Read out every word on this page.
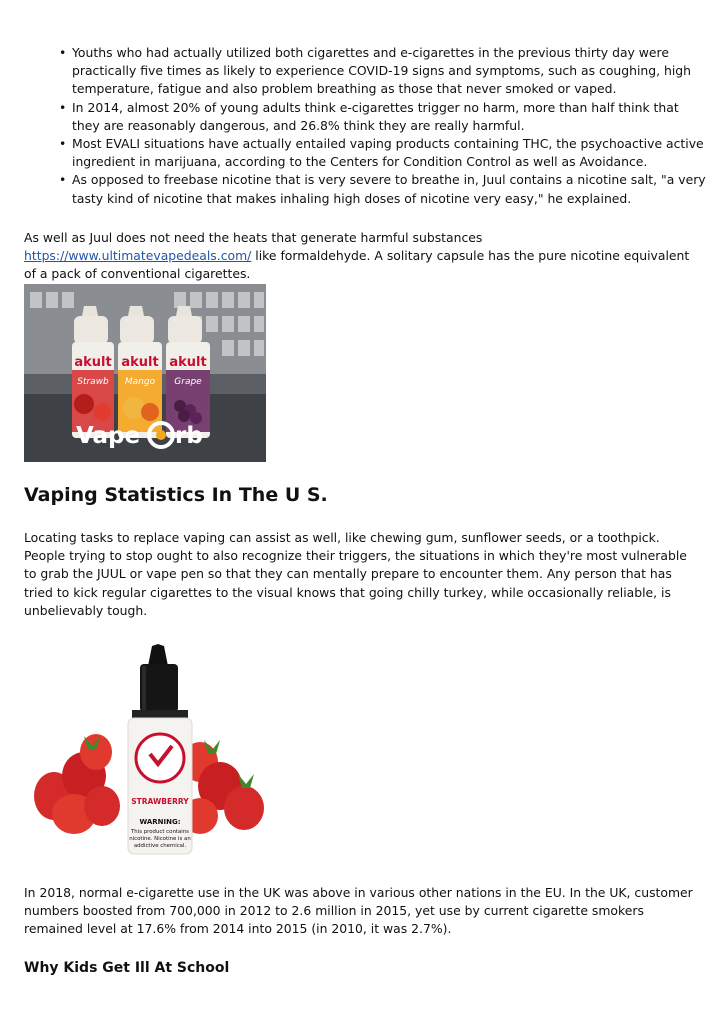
• Youths who had actually utilized both cigarettes and e-cigarettes in the previous thirty day were practically five times as likely to experience COVID-19 signs and symptoms, such as coughing, high temperature, fatigue and also problem breathing as those that never smoked or vaped.
• In 2014, almost 20% of young adults think e-cigarettes trigger no harm, more than half think that they are reasonably dangerous, and 26.8% think they are really harmful.
• Most EVALI situations have actually entailed vaping products containing THC, the psychoactive active ingredient in marijuana, according to the Centers for Condition Control as well as Avoidance.
• As opposed to freebase nicotine that is very severe to breathe in, Juul contains a nicotine salt, "a very tasty kind of nicotine that makes inhaling high doses of nicotine very easy," he explained.

As well as Juul does not need the heats that generate harmful substances https://www.ultimatevapedeals.com/ like formaldehyde. A solitary capsule has the pure nicotine equivalent of a pack of conventional cigarettes.

akult
Strawb
akult
Mango
akult
Grape
Vape rb
Vaping Statistics In The U S.

Locating tasks to replace vaping can assist as well, like chewing gum, sunflower seeds, or a toothpick. People trying to stop ought to also recognize their triggers, the situations in which they're most vulnerable to grab the JUUL or vape pen so that they can mentally prepare to encounter them. Any person that has tried to kick regular cigarettes to the visual knows that going chilly turkey, while occasionally reliable, is unbelievably tough.

STRAWBERRY
WARNING:
This product contains
nicotine. Nicotine is an
addictive chemical.

In 2018, normal e-cigarette use in the UK was above in various other nations in the EU. In the UK, customer numbers boosted from 700,000 in 2012 to 2.6 million in 2015, yet use by current cigarette smokers remained level at 17.6% from 2014 into 2015 (in 2010, it was 2.7%).

Why Kids Get Ill At School
